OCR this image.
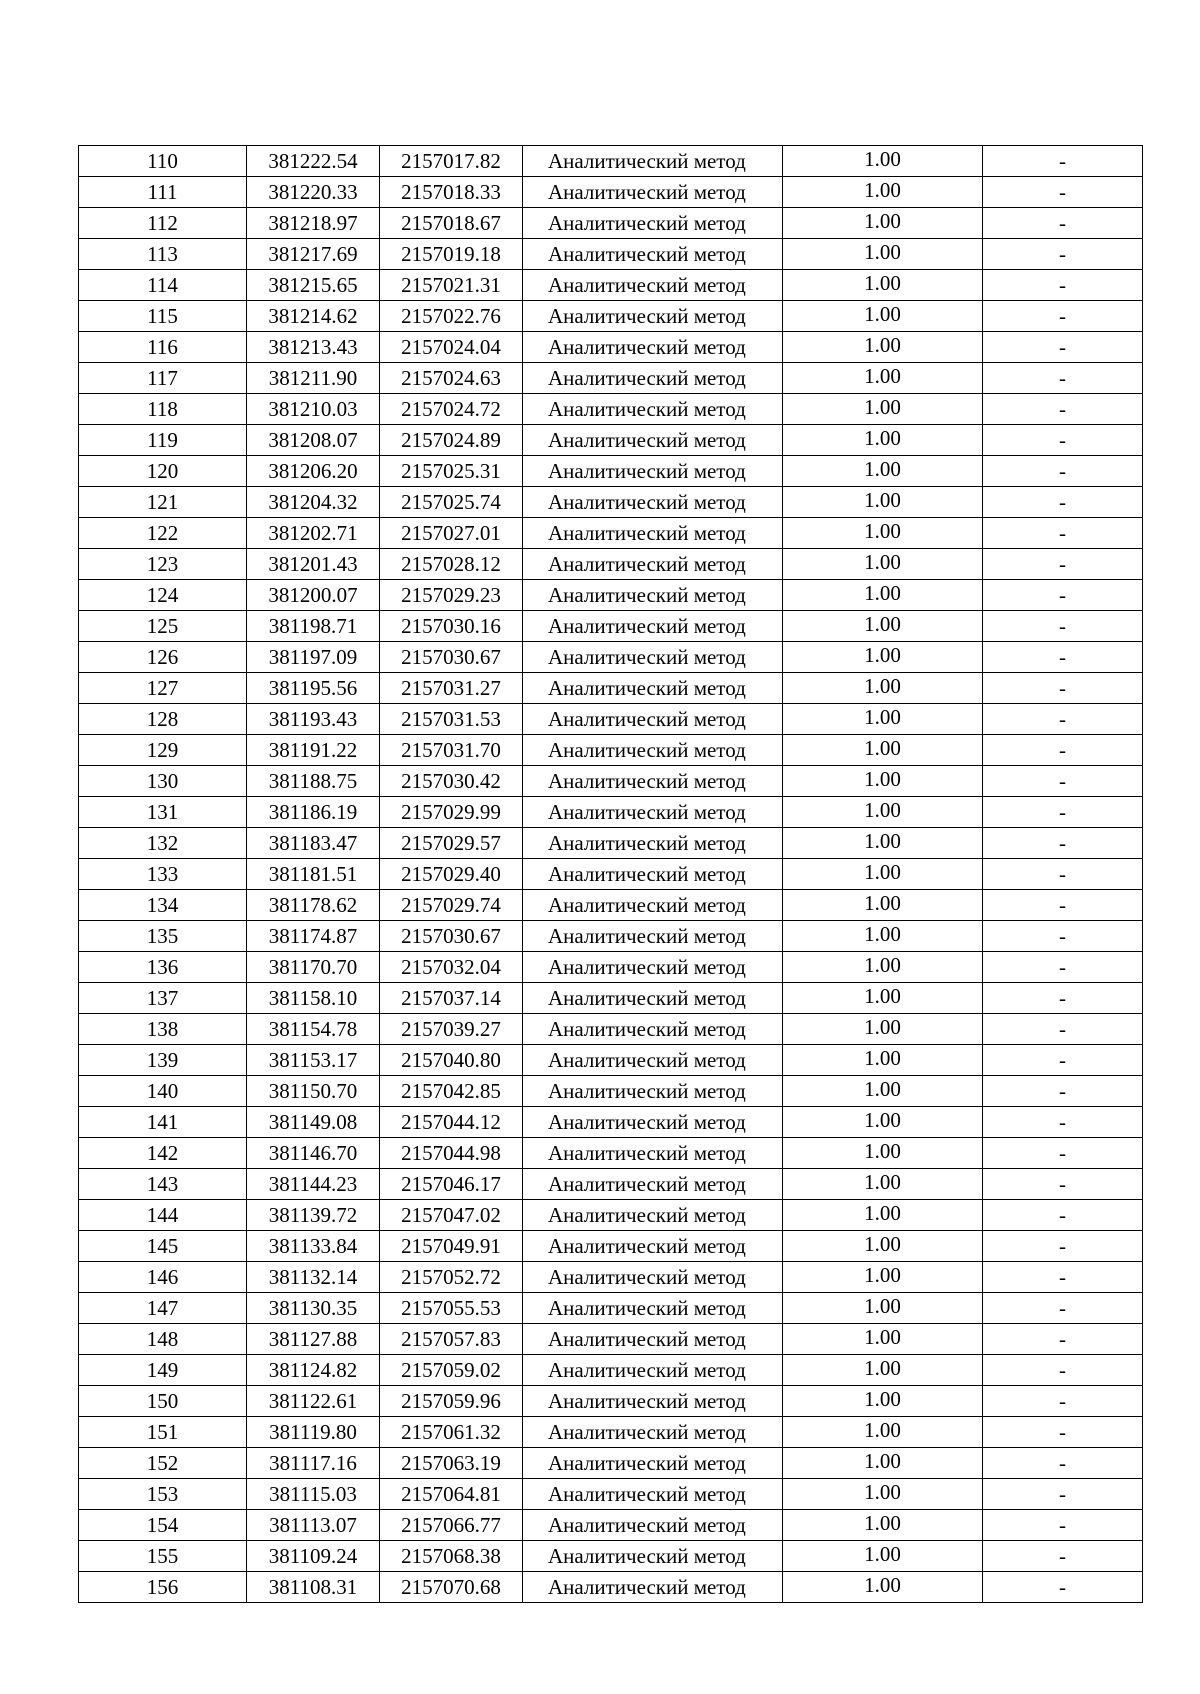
110	381222.54	2157017.82	Аналитический метод	1.00	-
111	381220.33	2157018.33	Аналитический метод	1.00	-
112	381218.97	2157018.67	Аналитический метод	1.00	-
113	381217.69	2157019.18	Аналитический метод	1.00	-
114	381215.65	2157021.31	Аналитический метод	1.00	-
115	381214.62	2157022.76	Аналитический метод	1.00	-
116	381213.43	2157024.04	Аналитический метод	1.00	-
117	381211.90	2157024.63	Аналитический метод	1.00	-
118	381210.03	2157024.72	Аналитический метод	1.00	-
119	381208.07	2157024.89	Аналитический метод	1.00	-
120	381206.20	2157025.31	Аналитический метод	1.00	-
121	381204.32	2157025.74	Аналитический метод	1.00	-
122	381202.71	2157027.01	Аналитический метод	1.00	-
123	381201.43	2157028.12	Аналитический метод	1.00	-
124	381200.07	2157029.23	Аналитический метод	1.00	-
125	381198.71	2157030.16	Аналитический метод	1.00	-
126	381197.09	2157030.67	Аналитический метод	1.00	-
127	381195.56	2157031.27	Аналитический метод	1.00	-
128	381193.43	2157031.53	Аналитический метод	1.00	-
129	381191.22	2157031.70	Аналитический метод	1.00	-
130	381188.75	2157030.42	Аналитический метод	1.00	-
131	381186.19	2157029.99	Аналитический метод	1.00	-
132	381183.47	2157029.57	Аналитический метод	1.00	-
133	381181.51	2157029.40	Аналитический метод	1.00	-
134	381178.62	2157029.74	Аналитический метод	1.00	-
135	381174.87	2157030.67	Аналитический метод	1.00	-
136	381170.70	2157032.04	Аналитический метод	1.00	-
137	381158.10	2157037.14	Аналитический метод	1.00	-
138	381154.78	2157039.27	Аналитический метод	1.00	-
139	381153.17	2157040.80	Аналитический метод	1.00	-
140	381150.70	2157042.85	Аналитический метод	1.00	-
141	381149.08	2157044.12	Аналитический метод	1.00	-
142	381146.70	2157044.98	Аналитический метод	1.00	-
143	381144.23	2157046.17	Аналитический метод	1.00	-
144	381139.72	2157047.02	Аналитический метод	1.00	-
145	381133.84	2157049.91	Аналитический метод	1.00	-
146	381132.14	2157052.72	Аналитический метод	1.00	-
147	381130.35	2157055.53	Аналитический метод	1.00	-
148	381127.88	2157057.83	Аналитический метод	1.00	-
149	381124.82	2157059.02	Аналитический метод	1.00	-
150	381122.61	2157059.96	Аналитический метод	1.00	-
151	381119.80	2157061.32	Аналитический метод	1.00	-
152	381117.16	2157063.19	Аналитический метод	1.00	-
153	381115.03	2157064.81	Аналитический метод	1.00	-
154	381113.07	2157066.77	Аналитический метод	1.00	-
155	381109.24	2157068.38	Аналитический метод	1.00	-
156	381108.31	2157070.68	Аналитический метод	1.00	-
